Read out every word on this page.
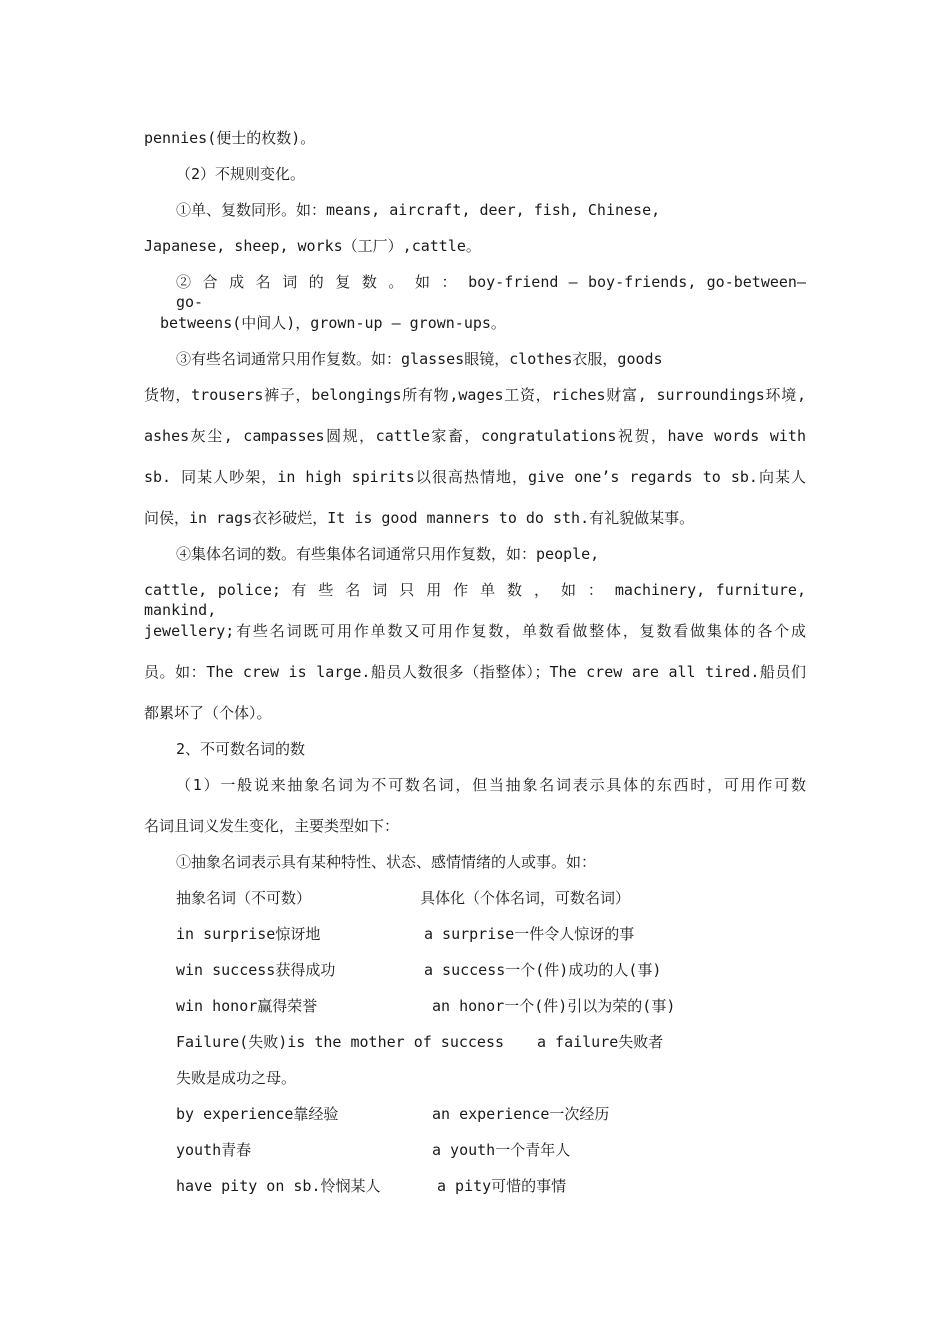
pennies(便士的枚数)。
（2）不规则变化。
①单、复数同形。如：means, aircraft, deer, fish, Chinese,
Japanese, sheep, works（工厂）,cattle。
② 合 成 名 词 的 复 数 。 如 ： boy-friend — boy-friends, go-between— go-
betweens(中间人)，grown-up — grown-ups。
③有些名词通常只用作复数。如：glasses眼镜，clothes衣服，goods
货物，trousers裤子，belongings所有物,wages工资，riches财富, surroundings环境,
ashes灰尘, campasses圆规，cattle家畜，congratulations祝贺，have words with
sb. 同某人吵架，in high spirits以很高热情地，give one’s regards to sb.向某人
问侯，in rags衣衫破烂，It is good manners to do sth.有礼貌做某事。
④集体名词的数。有些集体名词通常只用作复数，如：people,
cattle, police; 有 些 名 词 只 用 作 单 数 ， 如 ： machinery, furniture, mankind,
jewellery;有些名词既可用作单数又可用作复数，单数看做整体，复数看做集体的各个成
员。如：The crew is large.船员人数很多（指整体）；The crew are all tired.船员们
都累坏了（个体）。
2、不可数名词的数
（1）一般说来抽象名词为不可数名词，但当抽象名词表示具体的东西时，可用作可数
名词且词义发生变化，主要类型如下：
①抽象名词表示具有某种特性、状态、感情情绪的人或事。如：
抽象名词（不可数）	具体化（个体名词，可数名词）
in surprise惊讶地	a surprise一件令人惊讶的事
win success获得成功	a success一个(件)成功的人(事)
win honor赢得荣誉	an honor一个(件)引以为荣的(事)
Failure(失败)is the mother of success a failure失败者
失败是成功之母。
by experience靠经验	an experience一次经历
youth青春	a youth一个青年人
have pity on sb.怜悯某人	a pity可惜的事情
